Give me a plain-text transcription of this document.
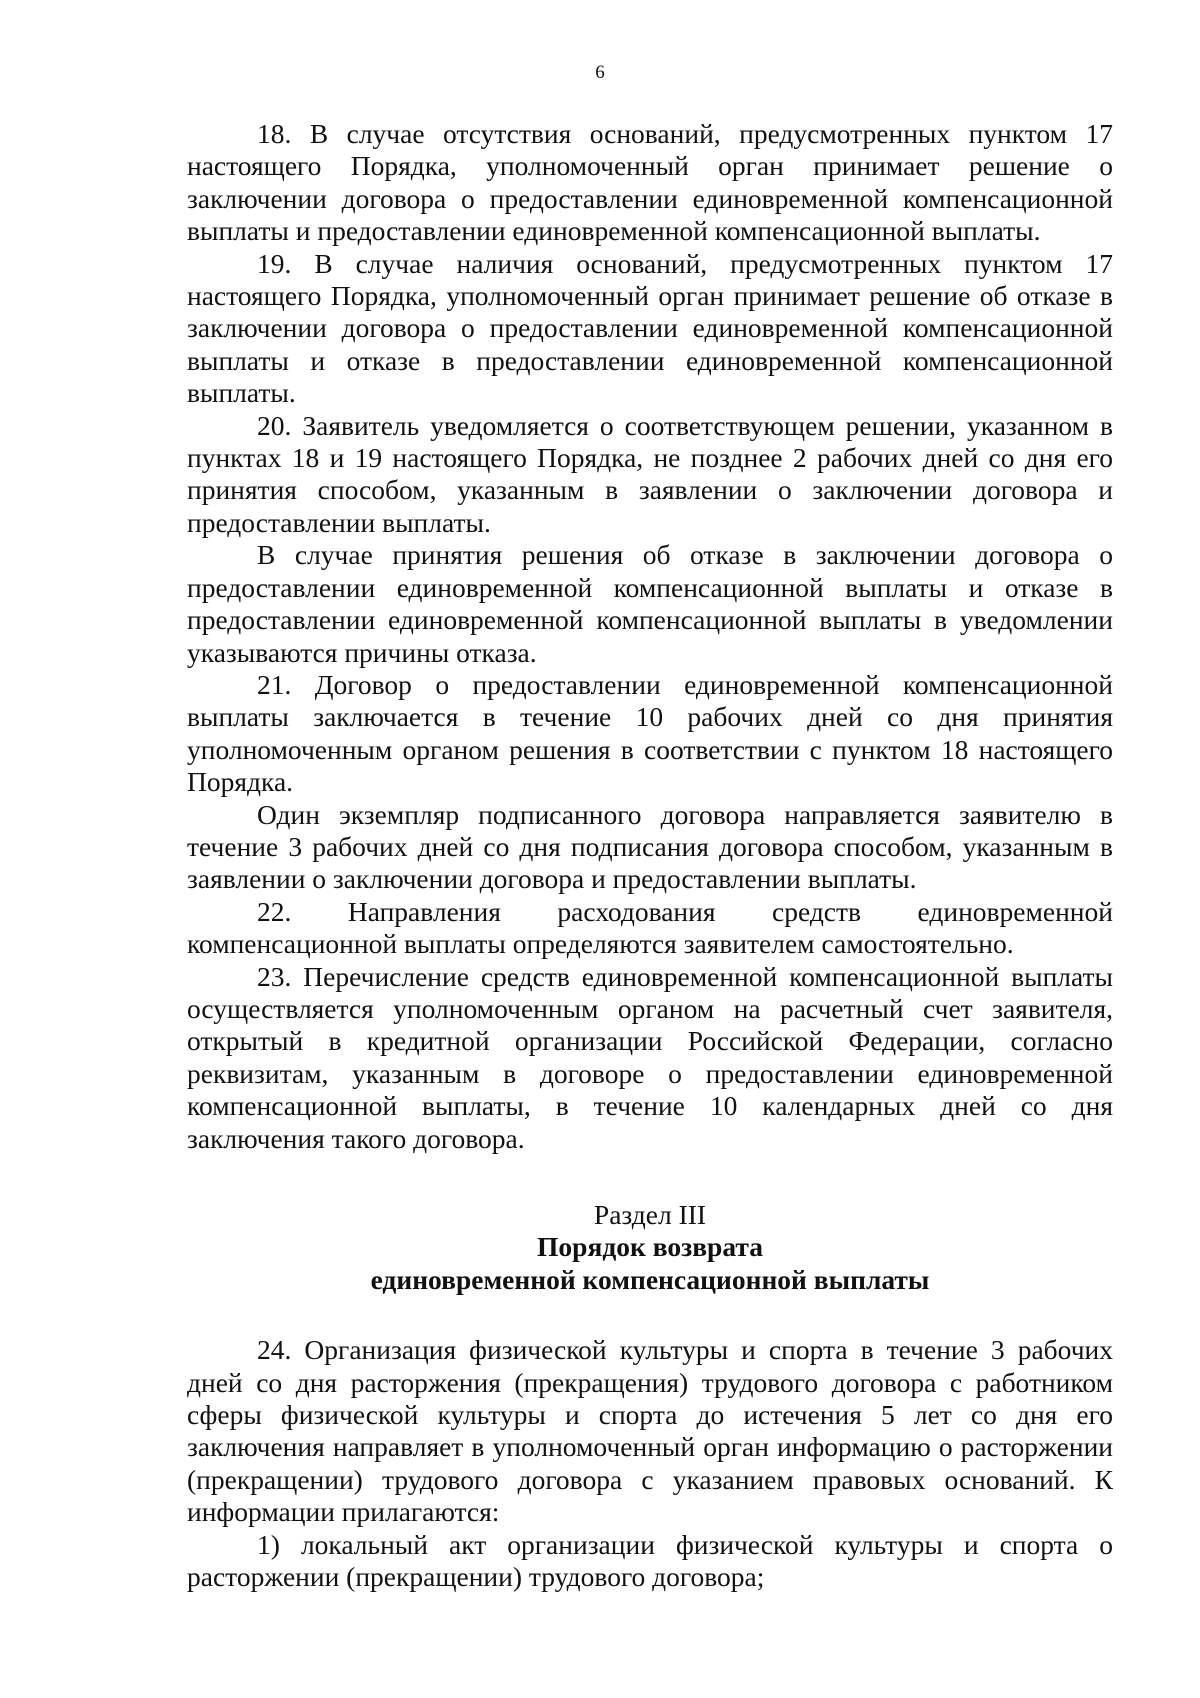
6

18. В случае отсутствия оснований, предусмотренных пунктом 17 настоящего Порядка, уполномоченный орган принимает решение о заключении договора о предоставлении единовременной компенсационной выплаты и предоставлении единовременной компенсационной выплаты.

19. В случае наличия оснований, предусмотренных пунктом 17 настоящего Порядка, уполномоченный орган принимает решение об отказе в заключении договора о предоставлении единовременной компенсационной выплаты и отказе в предоставлении единовременной компенсационной выплаты.

20. Заявитель уведомляется о соответствующем решении, указанном в пунктах 18 и 19 настоящего Порядка, не позднее 2 рабочих дней со дня его принятия способом, указанным в заявлении о заключении договора и предоставлении выплаты.

В случае принятия решения об отказе в заключении договора о предоставлении единовременной компенсационной выплаты и отказе в предоставлении единовременной компенсационной выплаты в уведомлении указываются причины отказа.

21. Договор о предоставлении единовременной компенсационной выплаты заключается в течение 10 рабочих дней со дня принятия уполномоченным органом решения в соответствии с пунктом 18 настоящего Порядка.

Один экземпляр подписанного договора направляется заявителю в течение 3 рабочих дней со дня подписания договора способом, указанным в заявлении о заключении договора и предоставлении выплаты.

22. Направления расходования средств единовременной компенсационной выплаты определяются заявителем самостоятельно.

23. Перечисление средств единовременной компенсационной выплаты осуществляется уполномоченным органом на расчетный счет заявителя, открытый в кредитной организации Российской Федерации, согласно реквизитам, указанным в договоре о предоставлении единовременной компенсационной выплаты, в течение 10 календарных дней со дня заключения такого договора.

Раздел III
Порядок возврата
единовременной компенсационной выплаты

24. Организация физической культуры и спорта в течение 3 рабочих дней со дня расторжения (прекращения) трудового договора с работником сферы физической культуры и спорта до истечения 5 лет со дня его заключения направляет в уполномоченный орган информацию о расторжении (прекращении) трудового договора с указанием правовых оснований. К информации прилагаются:

1) локальный акт организации физической культуры и спорта о расторжении (прекращении) трудового договора;
